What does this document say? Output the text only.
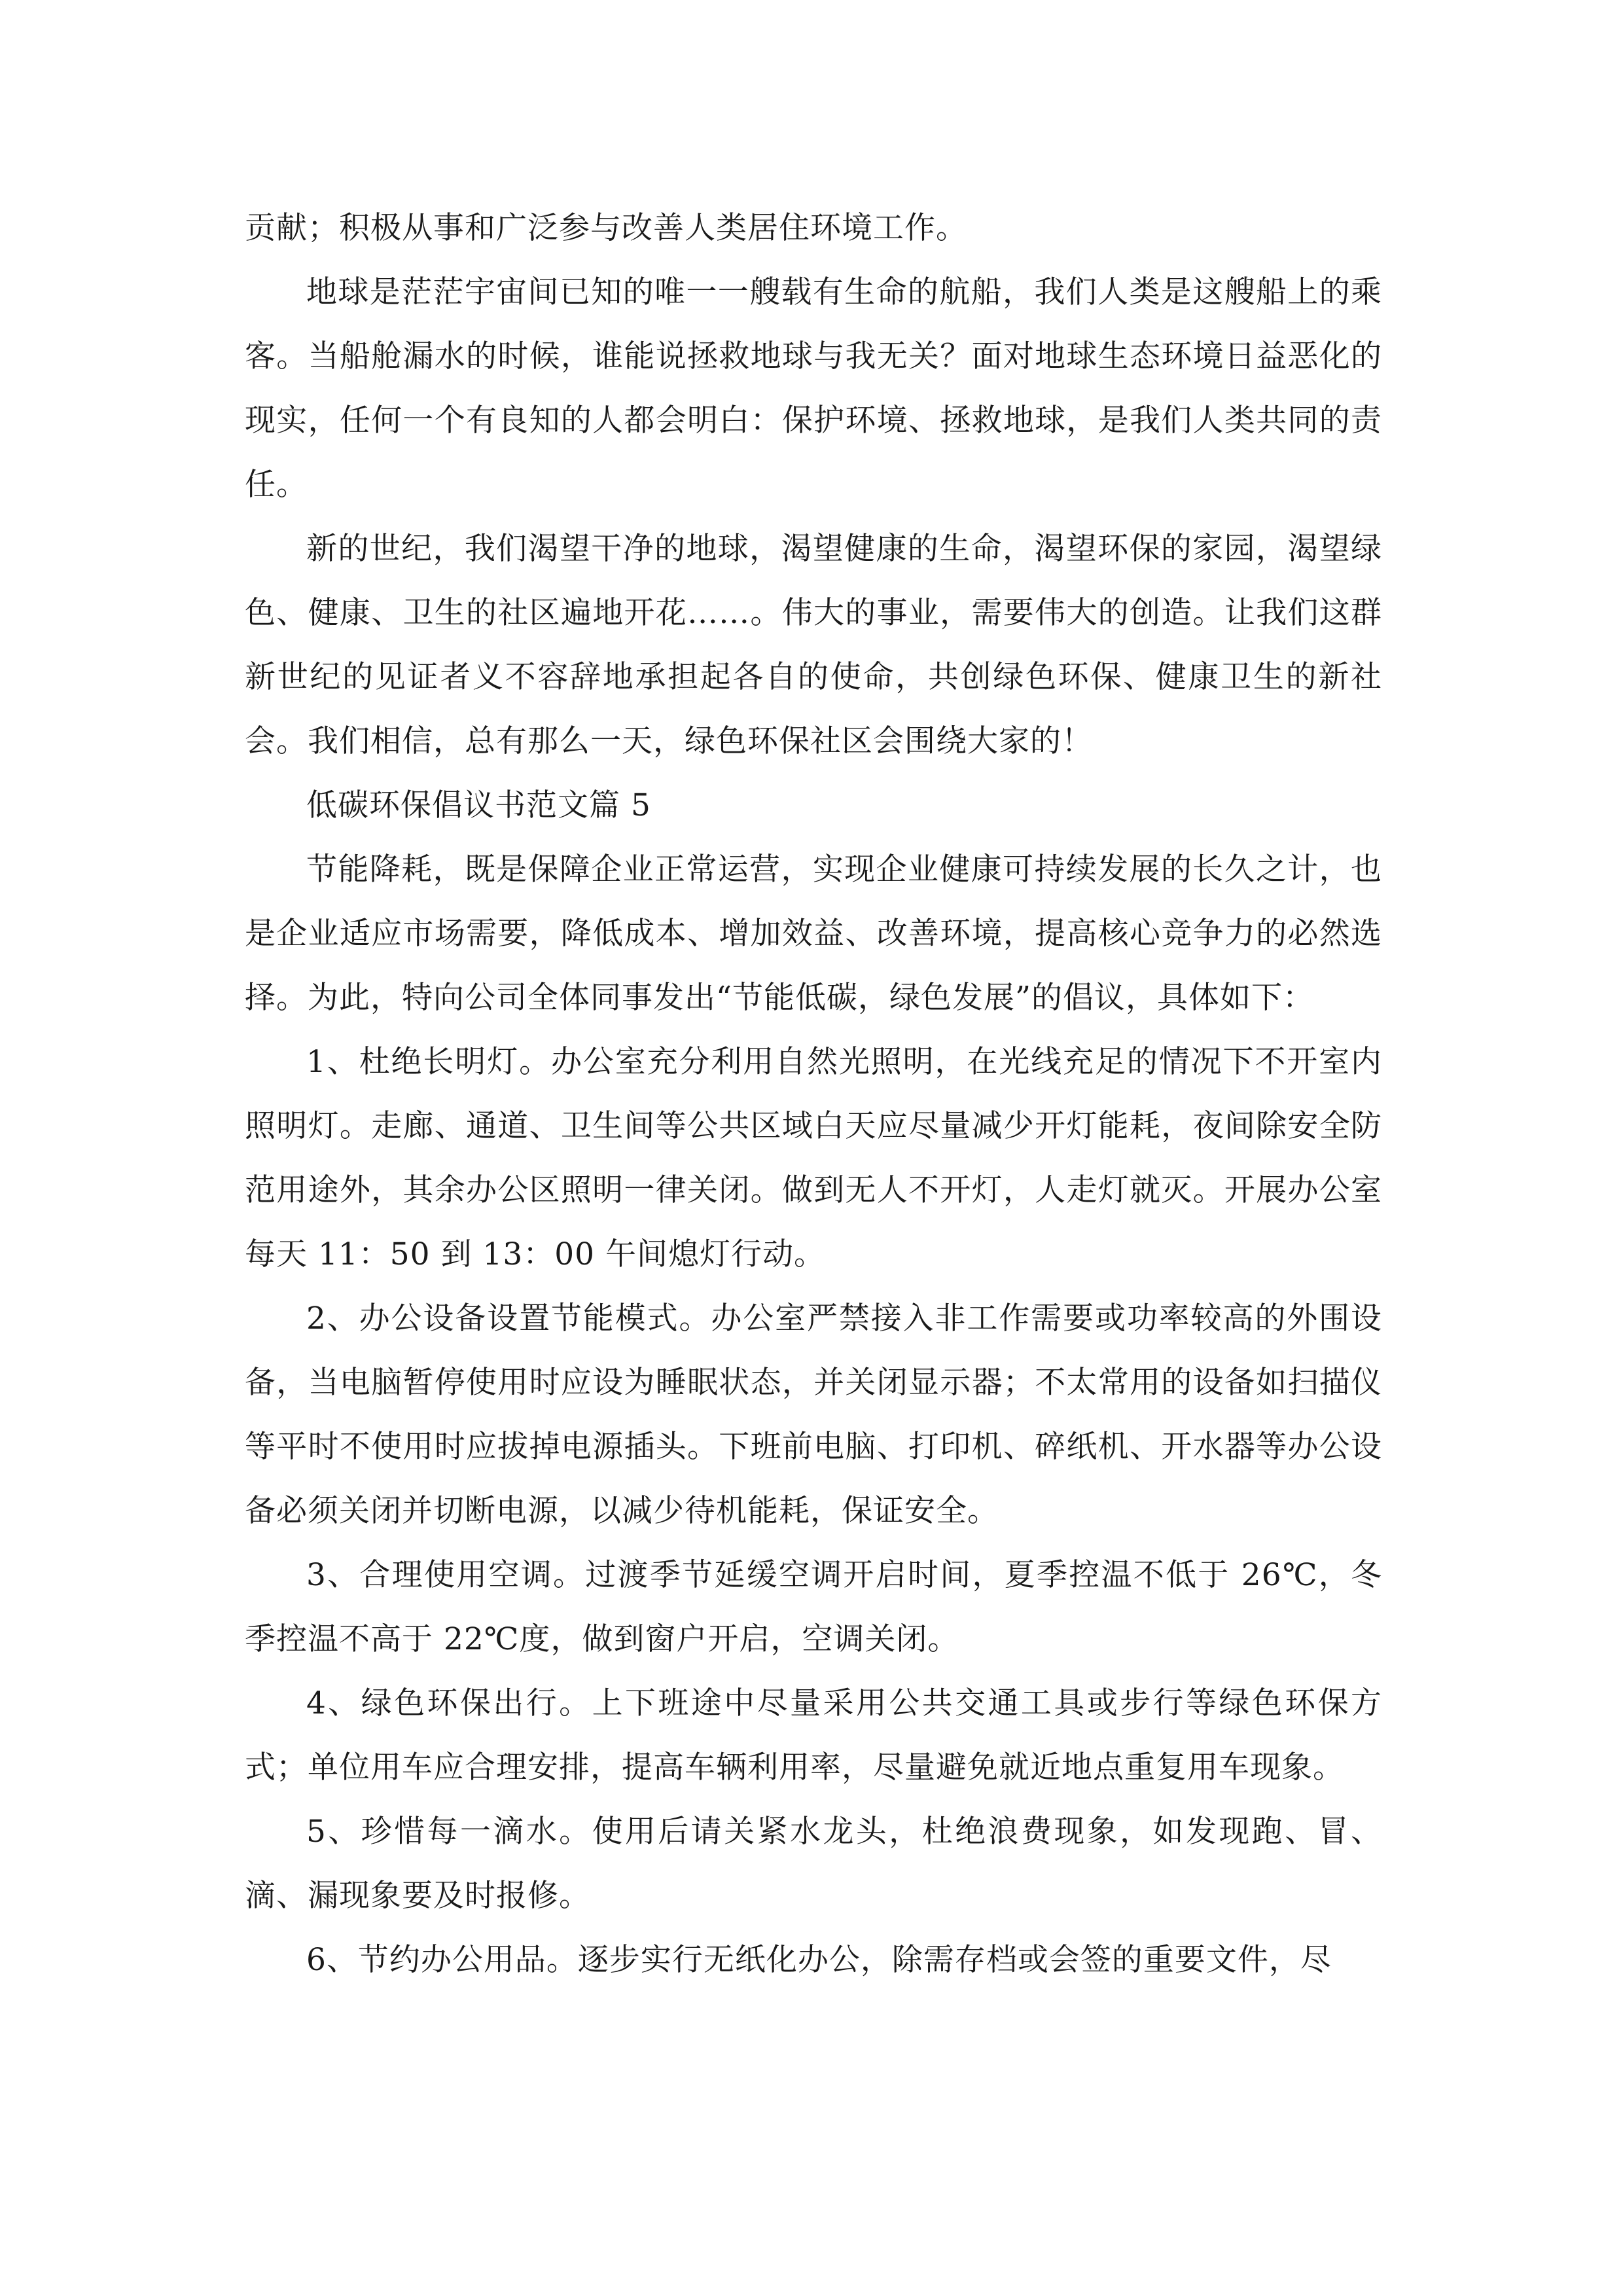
贡献；积极从事和广泛参与改善人类居住环境工作。

地球是茫茫宇宙间已知的唯一一艘载有生命的航船，我们人类是这艘船上的乘客。当船舱漏水的时候，谁能说拯救地球与我无关？面对地球生态环境日益恶化的现实，任何一个有良知的人都会明白：保护环境、拯救地球，是我们人类共同的责任。

新的世纪，我们渴望干净的地球，渴望健康的生命，渴望环保的家园，渴望绿色、健康、卫生的社区遍地开花……。伟大的事业，需要伟大的创造。让我们这群新世纪的见证者义不容辞地承担起各自的使命，共创绿色环保、健康卫生的新社会。我们相信，总有那么一天，绿色环保社区会围绕大家的！

低碳环保倡议书范文篇 5

节能降耗，既是保障企业正常运营，实现企业健康可持续发展的长久之计，也是企业适应市场需要，降低成本、增加效益、改善环境，提高核心竞争力的必然选择。为此，特向公司全体同事发出“节能低碳，绿色发展”的倡议，具体如下：

1、杜绝长明灯。办公室充分利用自然光照明，在光线充足的情况下不开室内照明灯。走廊、通道、卫生间等公共区域白天应尽量减少开灯能耗，夜间除安全防范用途外，其余办公区照明一律关闭。做到无人不开灯，人走灯就灭。开展办公室每天 11：50 到 13：00 午间熄灯行动。

2、办公设备设置节能模式。办公室严禁接入非工作需要或功率较高的外围设备，当电脑暂停使用时应设为睡眠状态，并关闭显示器；不太常用的设备如扫描仪等平时不使用时应拔掉电源插头。下班前电脑、打印机、碎纸机、开水器等办公设备必须关闭并切断电源，以减少待机能耗，保证安全。

3、合理使用空调。过渡季节延缓空调开启时间，夏季控温不低于 26℃，冬季控温不高于 22℃度，做到窗户开启，空调关闭。

4、绿色环保出行。上下班途中尽量采用公共交通工具或步行等绿色环保方式；单位用车应合理安排，提高车辆利用率，尽量避免就近地点重复用车现象。

5、珍惜每一滴水。使用后请关紧水龙头，杜绝浪费现象，如发现跑、冒、滴、漏现象要及时报修。

6、节约办公用品。逐步实行无纸化办公，除需存档或会签的重要文件，尽
